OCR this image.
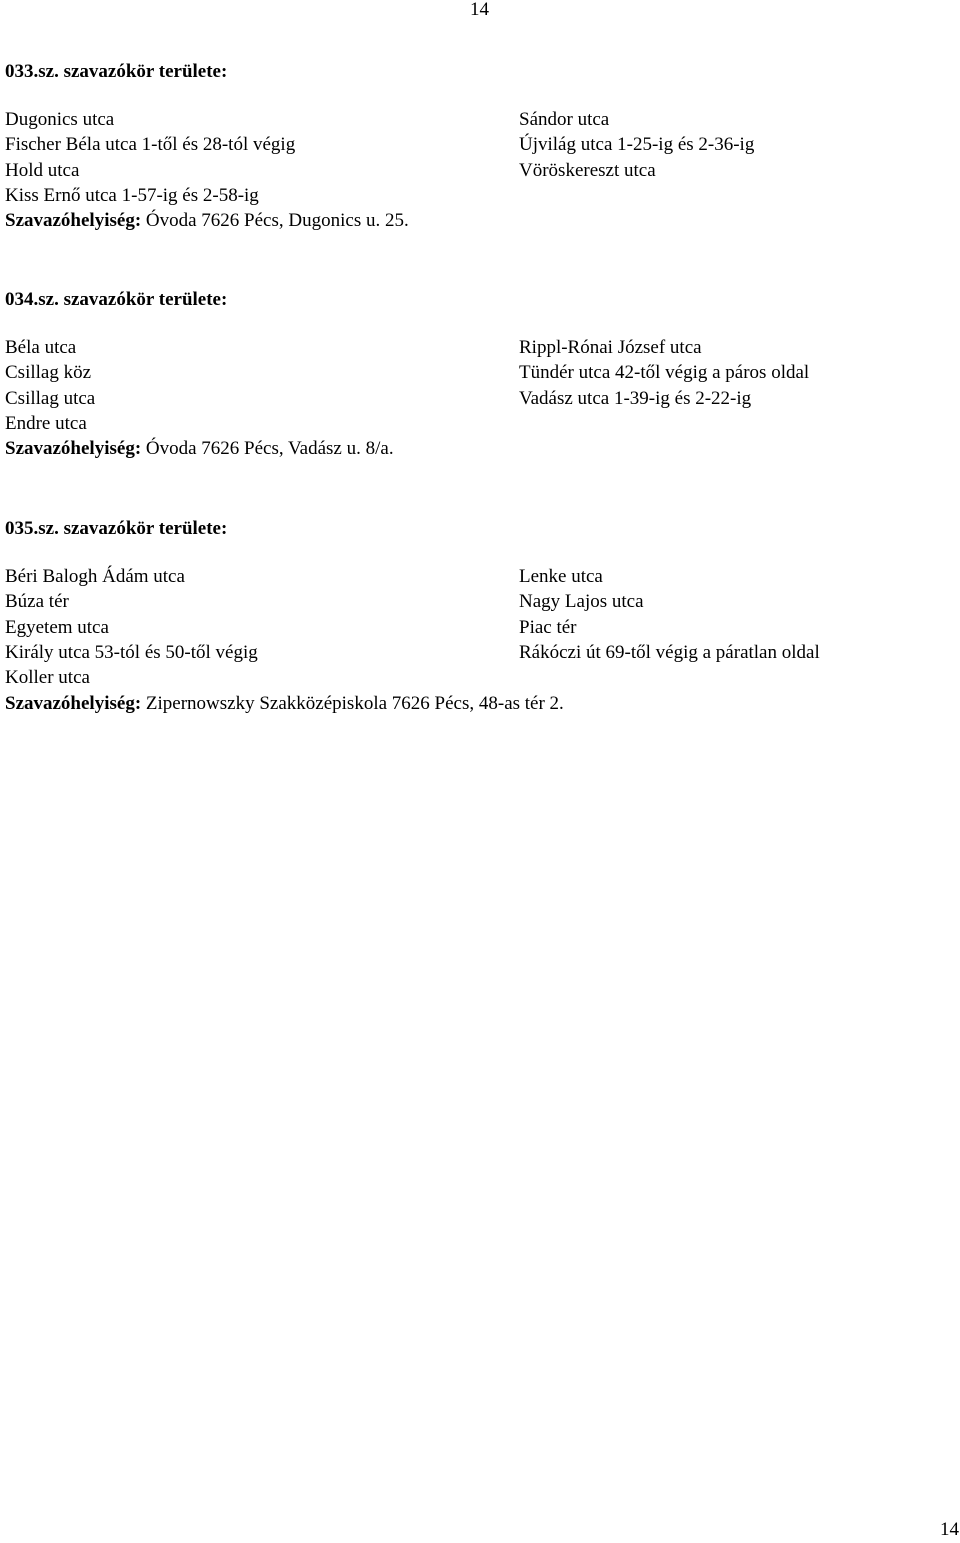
14
033.sz. szavazókör területe:
Dugonics utca
Fischer Béla utca 1-től és 28-tól végig
Hold utca
Kiss Ernő utca 1-57-ig és 2-58-ig
Sándor utca
Újvilág utca 1-25-ig és 2-36-ig
Vöröskereszt utca
Szavazóhelyiség: Óvoda 7626 Pécs, Dugonics u. 25.
034.sz. szavazókör területe:
Béla utca
Csillag köz
Csillag utca
Endre utca
Rippl-Rónai József utca
Tündér utca 42-től végig a páros oldal
Vadász utca 1-39-ig és 2-22-ig
Szavazóhelyiség: Óvoda 7626 Pécs, Vadász u. 8/a.
035.sz. szavazókör területe:
Béri Balogh Ádám utca
Búza tér
Egyetem utca
Király utca 53-tól és 50-től végig
Koller utca
Lenke utca
Nagy Lajos utca
Piac tér
Rákóczi út 69-től végig a páratlan oldal
Szavazóhelyiség: Zipernowszky Szakközépiskola 7626 Pécs, 48-as tér 2.
14
